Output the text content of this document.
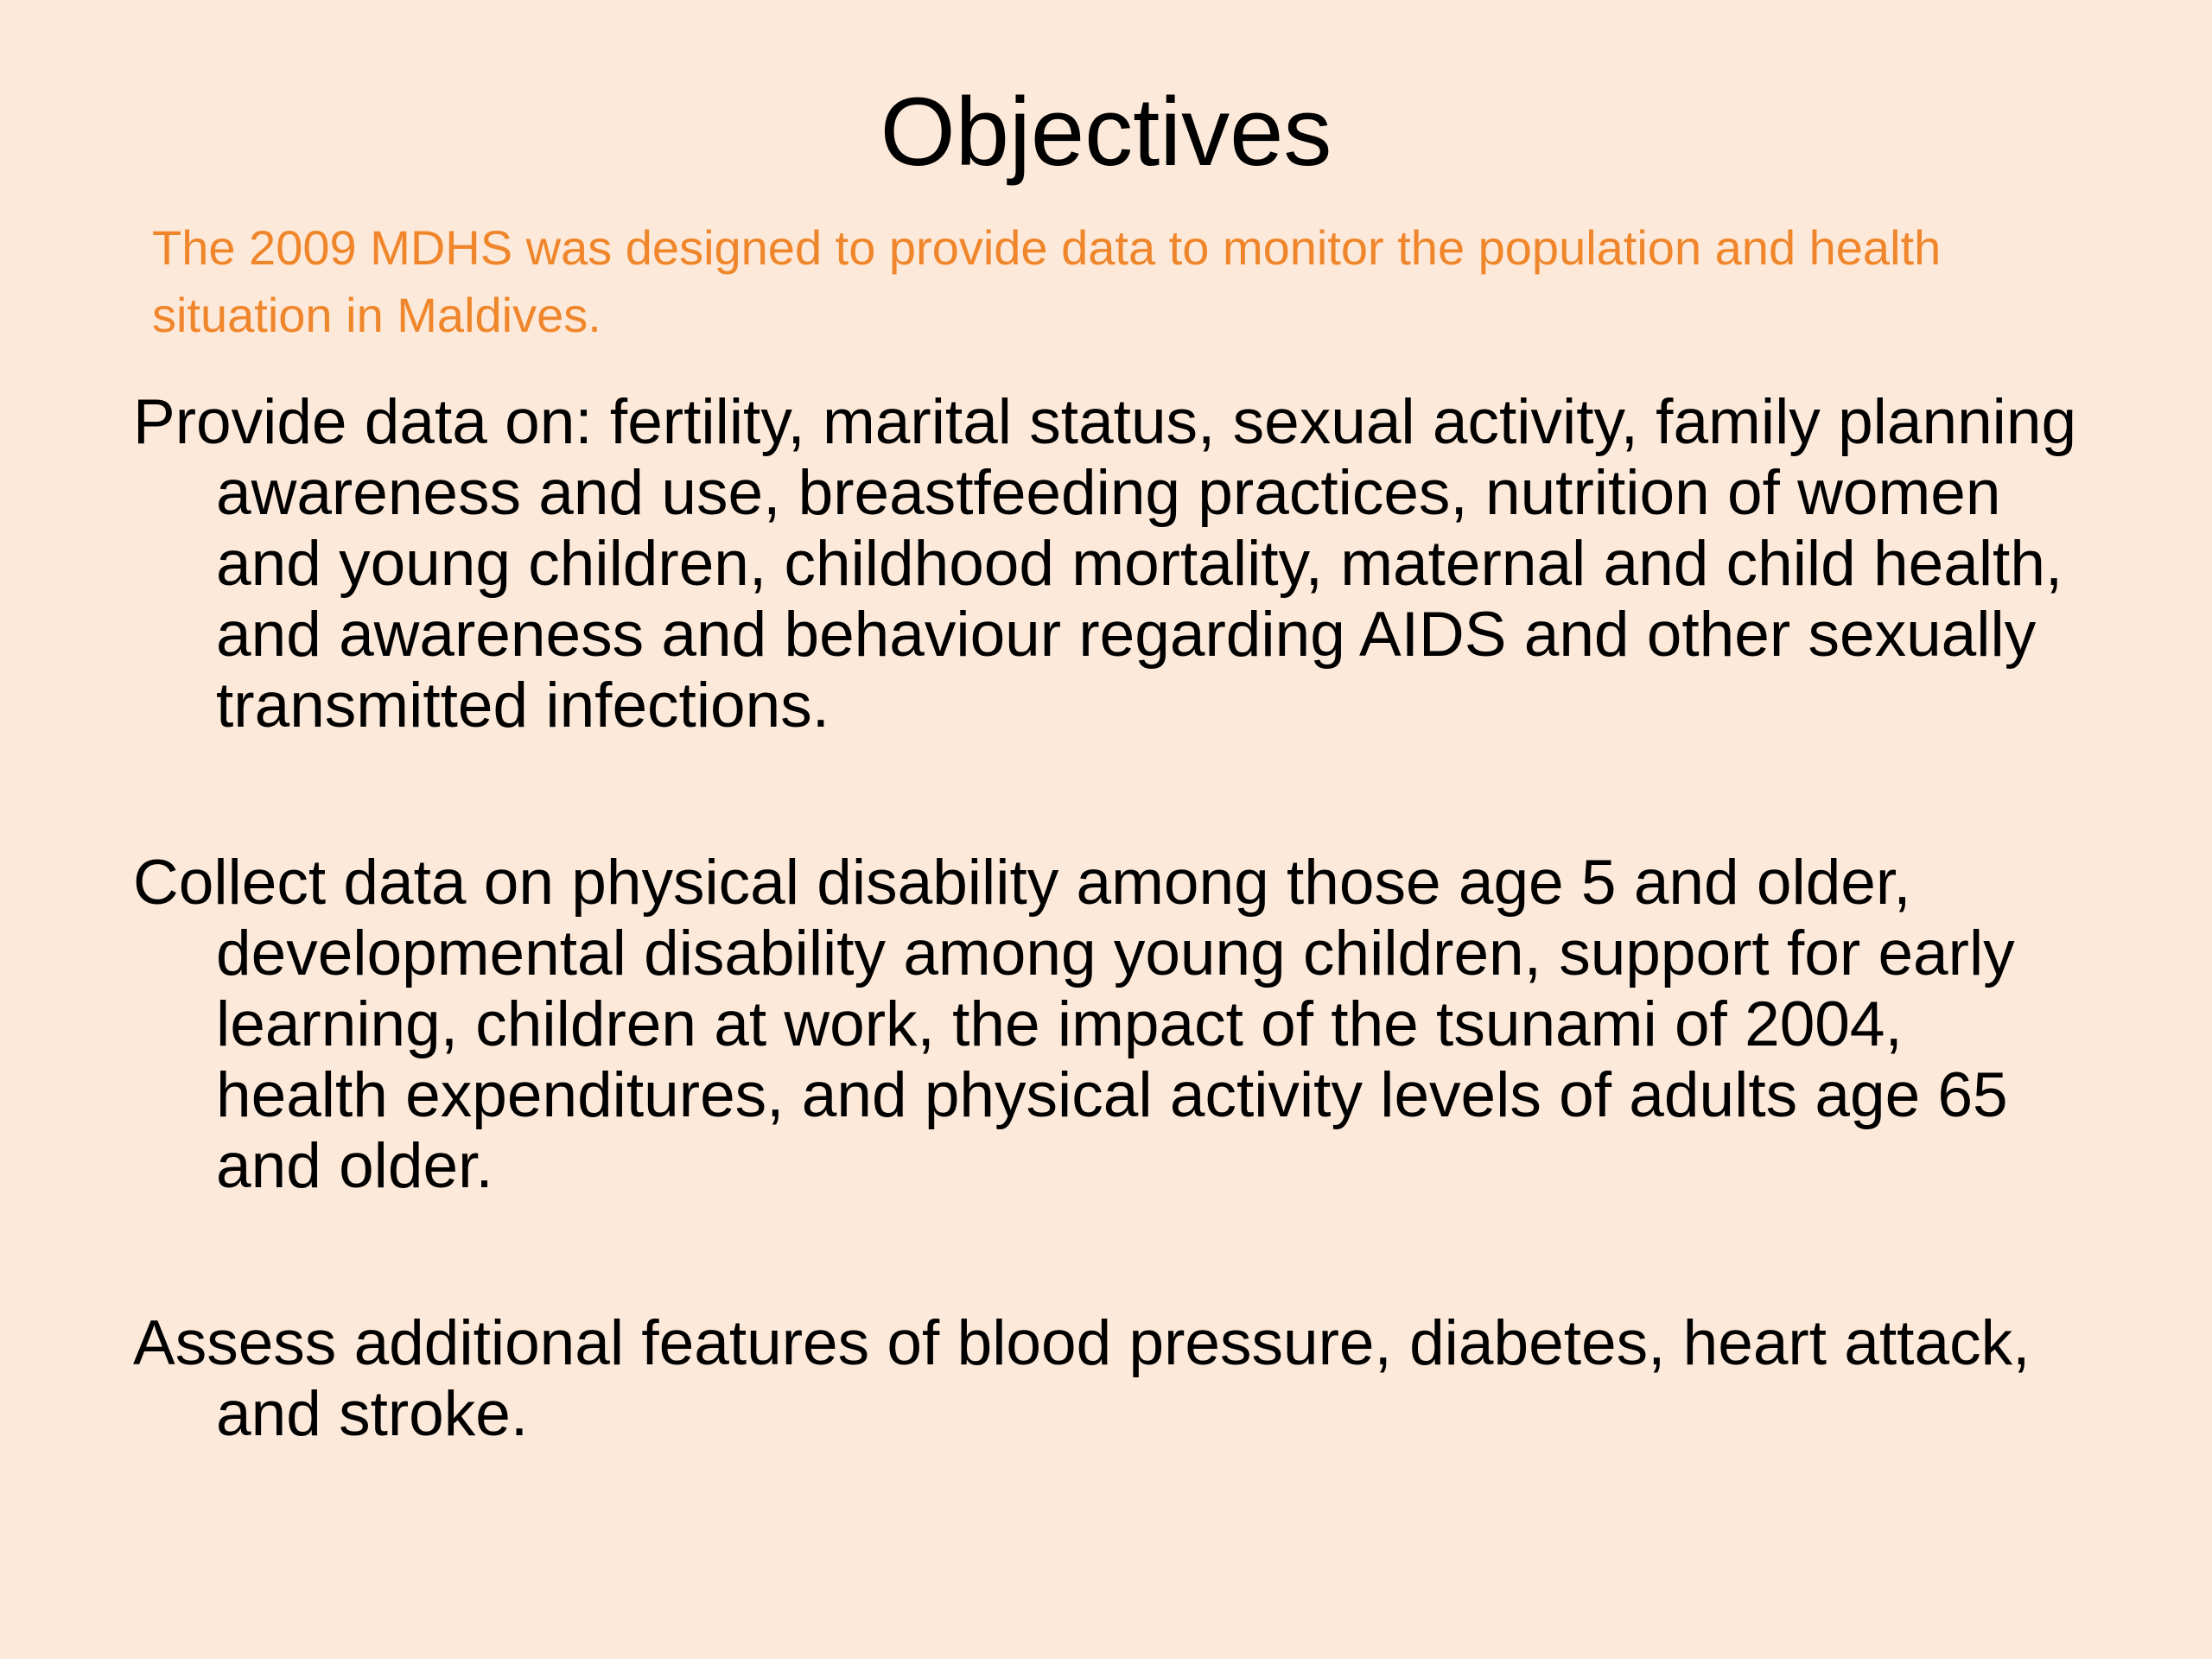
Objectives

The 2009 MDHS was designed to provide data to monitor the population and health situation in Maldives.

Provide data on: fertility, marital status, sexual activity, family planning awareness and use, breastfeeding practices, nutrition of women and young children, childhood mortality, maternal and child health, and awareness and behaviour regarding AIDS and other sexually transmitted infections.
Collect data on physical disability among those age 5 and older, developmental disability among young children, support for early learning, children at work, the impact of the tsunami of 2004, health expenditures, and physical activity levels of adults age 65 and older.
Assess additional features of blood pressure, diabetes, heart attack, and stroke.
